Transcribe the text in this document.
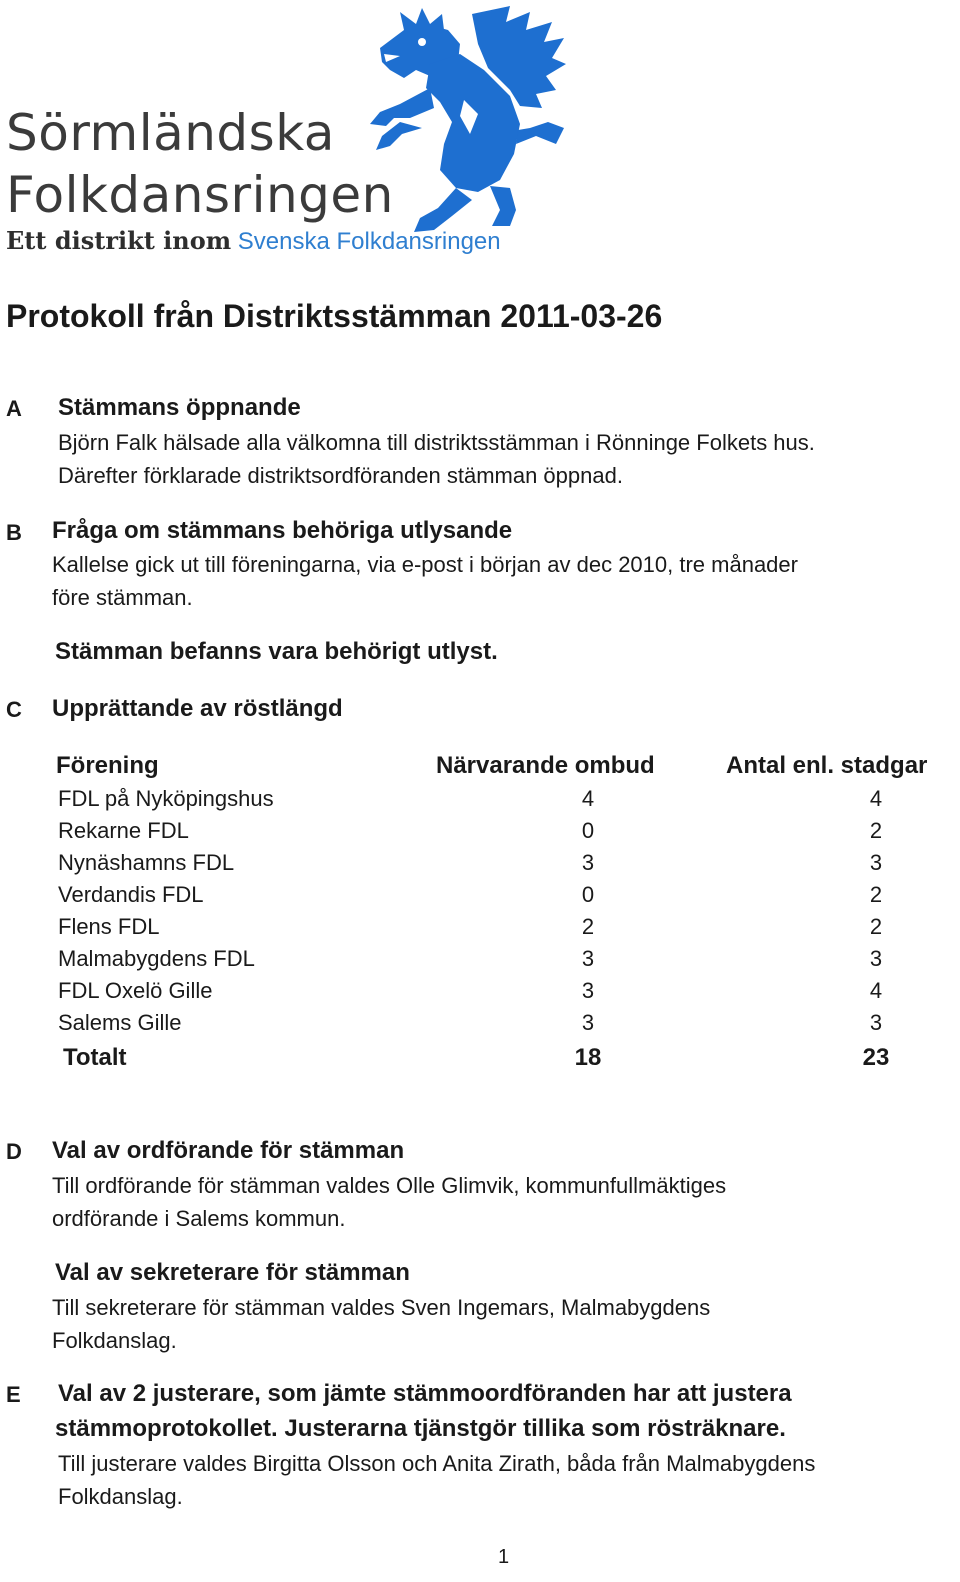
Sörmländska
Folkdansringen
Ett distrikt inom Svenska Folkdansringen
Protokoll från Distriktsstämman 2011-03-26
A Stämmans öppnande
Björn Falk hälsade alla välkomna till distriktsstämman i Rönninge Folkets hus.
Därefter förklarade distriktsordföranden stämman öppnad.
B Fråga om stämmans behöriga utlysande
Kallelse gick ut till föreningarna, via e-post i början av dec 2010, tre månader
före stämman.
Stämman befanns vara behörigt utlyst.
C Upprättande av röstlängd
Förening	Närvarande ombud	Antal enl. stadgar
FDL på Nyköpingshus	4	4
Rekarne FDL	0	2
Nynäshamns FDL	3	3
Verdandis FDL	0	2
Flens FDL	2	2
Malmabygdens FDL	3	3
FDL Oxelö Gille	3	4
Salems Gille	3	3
Totalt	18	23
D Val av ordförande för stämman
Till ordförande för stämman valdes Olle Glimvik, kommunfullmäktiges
ordförande i Salems kommun.
Val av sekreterare för stämman
Till sekreterare för stämman valdes Sven Ingemars, Malmabygdens
Folkdanslag.
E Val av 2 justerare, som jämte stämmoordföranden har att justera
stämmoprotokollet. Justerarna tjänstgör tillika som rösträknare.
Till justerare valdes Birgitta Olsson och Anita Zirath, båda från Malmabygdens
Folkdanslag.
1
